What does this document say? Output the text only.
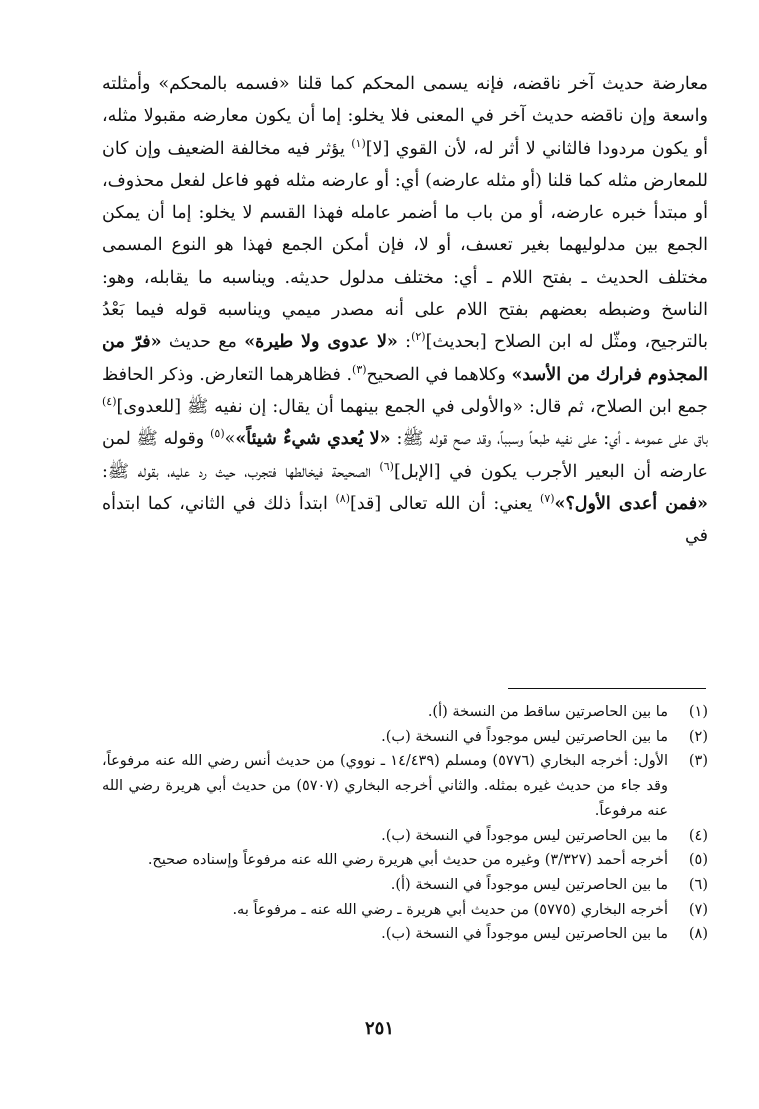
معارضة حديث آخر ناقضه، فإنه يسمى المحكم كما قلنا «فسمه بالمحكم» وأمثلته واسعة وإن ناقضه حديث آخر في المعنى فلا يخلو: إما أن يكون معارضه مقبولا مثله، أو يكون مردودا فالثاني لا أثر له، لأن القوي [لا]$^{(١)}$ يؤثر فيه مخالفة الضعيف وإن كان للمعارض مثله كما قلنا (أو مثله عارضه) أي: أو عارضه مثله فهو فاعل لفعل محذوف، أو مبتدأ خبره عارضه، أو من باب ما أضمر عامله فهذا القسم لا يخلو: إما أن يمكن الجمع بين مدلوليهما بغير تعسف، أو لا، فإن أمكن الجمع فهذا هو النوع المسمى مختلف الحديث ـ بفتح اللام ـ أي: مختلف مدلول حديثه. ويناسبه ما يقابله، وهو: الناسخ وضبطه بعضهم بفتح اللام على أنه مصدر ميمي ويناسبه قوله فيما بَعْدُ بالترجيح، ومثّل له ابن الصلاح [بحديث]$^{(٢)}$: «لا عدوى ولا طيرة» مع حديث «فرّ من المجذوم فرارك من الأسد» وكلاهما في الصحيح$^{(٣)}$. فظاهرهما التعارض. وذكر الحافظ جمع ابن الصلاح، ثم قال: «والأولى في الجمع بينهما أن يقال: إن نفيه ﷺ [للعدوى]$^{(٤)}$ باق على عمومه ـ أي: على نفيه طبعاً وسبباً، وقد صح قوله ﷺ: «لا يُعدي شيءٌ شيئاً»»$^{(٥)}$ وقوله ﷺ لمن عارضه أن البعير الأجرب يكون في [الإبل]$^{(٦)}$ الصحيحة فيخالطها فتجرب، حيث رد عليه، بقوله ﷺ: «فمن أعدى الأول؟»$^{(٧)}$ يعني: أن الله تعالى [قد]$^{(٨)}$ ابتدأ ذلك في الثاني، كما ابتدأه في

(١)
ما بين الحاصرتين ساقط من النسخة (أ).
(٢)
ما بين الحاصرتين ليس موجوداً في النسخة (ب).
(٣)
الأول: أخرجه البخاري (٥٧٧٦) ومسلم (١٤/٤٣٩ ـ نووي) من حديث أنس رضي الله عنه مرفوعاً، وقد جاء من حديث غيره بمثله. والثاني أخرجه البخاري (٥٧٠٧) من حديث أبي هريرة رضي الله عنه مرفوعاً.
(٤)
ما بين الحاصرتين ليس موجوداً في النسخة (ب).
(٥)
أخرجه أحمد (٣/٣٢٧) وغيره من حديث أبي هريرة رضي الله عنه مرفوعاً وإسناده صحيح.
(٦)
ما بين الحاصرتين ليس موجوداً في النسخة (أ).
(٧)
أخرجه البخاري (٥٧٧٥) من حديث أبي هريرة ـ رضي الله عنه ـ مرفوعاً به.
(٨)
ما بين الحاصرتين ليس موجوداً في النسخة (ب).
٢٥١
